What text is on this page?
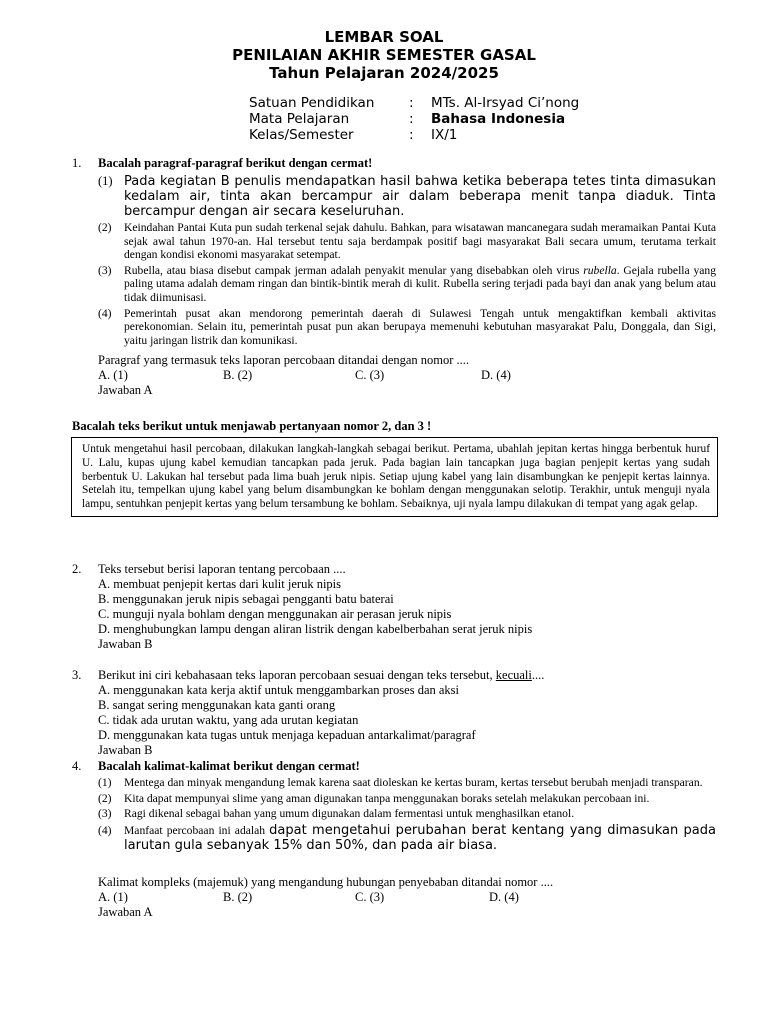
LEMBAR SOAL
PENILAIAN AKHIR SEMESTER GASAL
Tahun Pelajaran 2024/2025
Satuan Pendidikan	:	MTs. Al-Irsyad Ci’nong
Mata Pelajaran	:	Bahasa Indonesia
Kelas/Semester	:	IX/1
1. Bacalah paragraf-paragraf berikut dengan cermat!
(1) Pada kegiatan B penulis mendapatkan hasil bahwa ketika beberapa tetes tinta dimasukan kedalam air, tinta akan bercampur air dalam beberapa menit tanpa diaduk. Tinta bercampur dengan air secara keseluruhan.
(2) Keindahan Pantai Kuta pun sudah terkenal sejak dahulu. Bahkan, para wisatawan mancanegara sudah meramaikan Pantai Kuta sejak awal tahun 1970-an. Hal tersebut tentu saja berdampak positif bagi masyarakat Bali secara umum, terutama terkait dengan kondisi ekonomi masyarakat setempat.
(3) Rubella, atau biasa disebut campak jerman adalah penyakit menular yang disebabkan oleh virus rubella. Gejala rubella yang paling utama adalah demam ringan dan bintik-bintik merah di kulit. Rubella sering terjadi pada bayi dan anak yang belum atau tidak diimunisasi.
(4) Pemerintah pusat akan mendorong pemerintah daerah di Sulawesi Tengah untuk mengaktifkan kembali aktivitas perekonomian. Selain itu, pemerintah pusat pun akan berupaya memenuhi kebutuhan masyarakat Palu, Donggala, dan Sigi, yaitu jaringan listrik dan komunikasi.
Paragraf yang termasuk teks laporan percobaan ditandai dengan nomor ....
A. (1)	B. (2)	C. (3)	D. (4)
Jawaban A
Bacalah teks berikut untuk menjawab pertanyaan nomor 2, dan 3 !
Untuk mengetahui hasil percobaan, dilakukan langkah-langkah sebagai berikut. Pertama, ubahlah jepitan kertas hingga berbentuk huruf U. Lalu, kupas ujung kabel kemudian tancapkan pada jeruk. Pada bagian lain tancapkan juga bagian penjepit kertas yang sudah berbentuk U. Lakukan hal tersebut pada lima buah jeruk nipis. Setiap ujung kabel yang lain disambungkan ke penjepit kertas lainnya. Setelah itu, tempelkan ujung kabel yang belum disambungkan ke bohlam dengan menggunakan selotip. Terakhir, untuk menguji nyala lampu, sentuhkan penjepit kertas yang belum tersambung ke bohlam. Sebaiknya, uji nyala lampu dilakukan di tempat yang agak gelap.
2. Teks tersebut berisi laporan tentang percobaan ....
A. membuat penjepit kertas dari kulit jeruk nipis
B. menggunakan jeruk nipis sebagai pengganti batu baterai
C. munguji nyala bohlam dengan menggunakan air perasan jeruk nipis
D. menghubungkan lampu dengan aliran listrik dengan kabelberbahan serat jeruk nipis
Jawaban B
3. Berikut ini ciri kebahasaan teks laporan percobaan sesuai dengan teks tersebut, kecuali....
A. menggunakan kata kerja aktif untuk menggambarkan proses dan aksi
B. sangat sering menggunakan kata ganti orang
C. tidak ada urutan waktu, yang ada urutan kegiatan
D. menggunakan kata tugas untuk menjaga kepaduan antarkalimat/paragraf
Jawaban B
4. Bacalah kalimat-kalimat berikut dengan cermat!
(1) Mentega dan minyak mengandung lemak karena saat dioleskan ke kertas buram, kertas tersebut berubah menjadi transparan.
(2) Kita dapat mempunyai slime yang aman digunakan tanpa menggunakan boraks setelah melakukan percobaan ini.
(3) Ragi dikenal sebagai bahan yang umum digunakan dalam fermentasi untuk menghasilkan etanol.
(4) Manfaat percobaan ini adalah dapat mengetahui perubahan berat kentang yang dimasukan pada larutan gula sebanyak 15% dan 50%, dan pada air biasa.
Kalimat kompleks (majemuk) yang mengandung hubungan penyebaban ditandai nomor ....
A. (1)	B. (2)	C. (3)	D. (4)
Jawaban A
